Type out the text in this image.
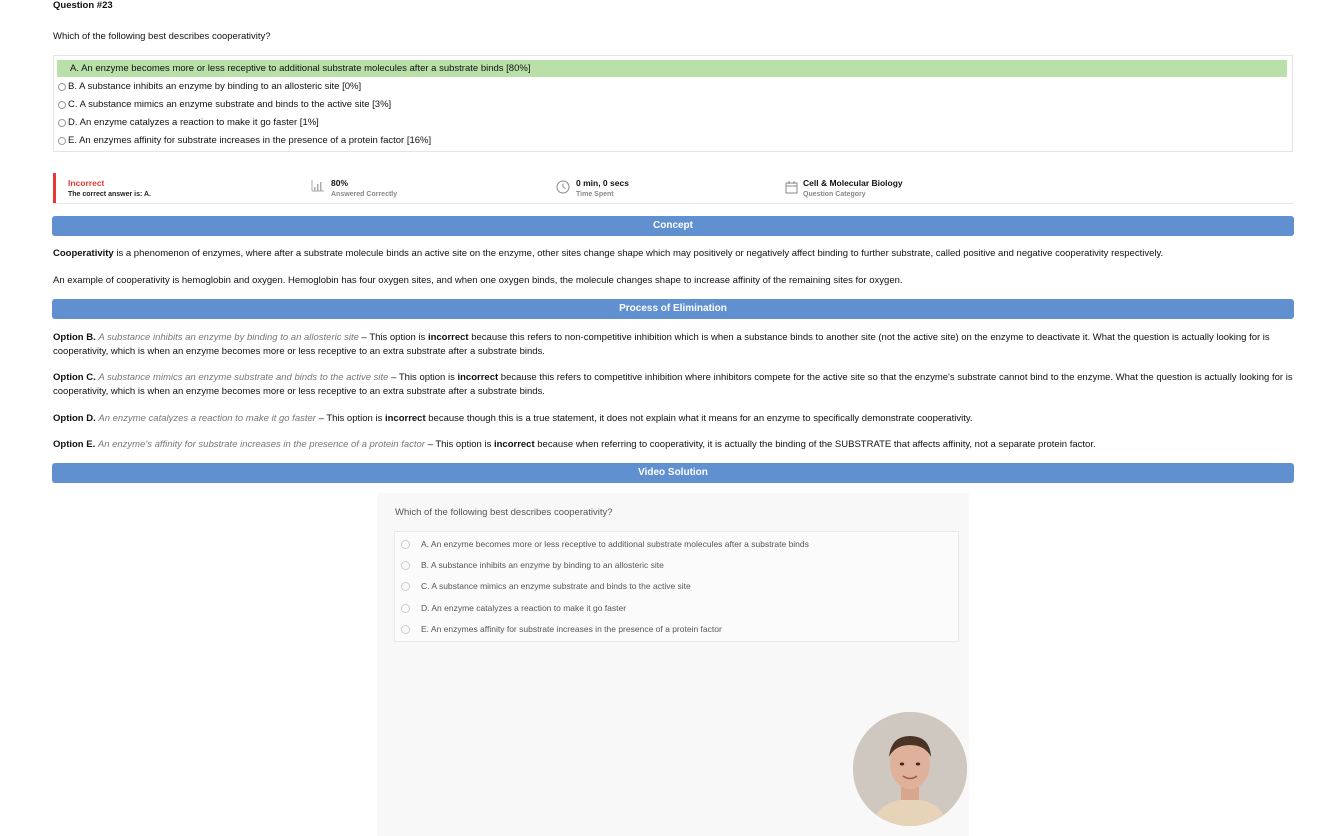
Question #23
Which of the following best describes cooperativity?
A. An enzyme becomes more or less receptive to additional substrate molecules after a substrate binds [80%]
B. A substance inhibits an enzyme by binding to an allosteric site [0%]
C. A substance mimics an enzyme substrate and binds to the active site [3%]
D. An enzyme catalyzes a reaction to make it go faster [1%]
E. An enzymes affinity for substrate increases in the presence of a protein factor [16%]
Incorrect
The correct answer is: A.
80%
Answered Correctly
0 min, 0 secs
Time Spent
Cell & Molecular Biology
Question Category
Concept
Cooperativity is a phenomenon of enzymes, where after a substrate molecule binds an active site on the enzyme, other sites change shape which may positively or negatively affect binding to further substrate, called positive and negative cooperativity respectively.
An example of cooperativity is hemoglobin and oxygen. Hemoglobin has four oxygen sites, and when one oxygen binds, the molecule changes shape to increase affinity of the remaining sites for oxygen.
Process of Elimination
Option B. A substance inhibits an enzyme by binding to an allosteric site – This option is incorrect because this refers to non-competitive inhibition which is when a substance binds to another site (not the active site) on the enzyme to deactivate it. What the question is actually looking for is cooperativity, which is when an enzyme becomes more or less receptive to an extra substrate after a substrate binds.
Option C. A substance mimics an enzyme substrate and binds to the active site – This option is incorrect because this refers to competitive inhibition where inhibitors compete for the active site so that the enzyme's substrate cannot bind to the enzyme. What the question is actually looking for is cooperativity, which is when an enzyme becomes more or less receptive to an extra substrate after a substrate binds.
Option D. An enzyme catalyzes a reaction to make it go faster – This option is incorrect because though this is a true statement, it does not explain what it means for an enzyme to specifically demonstrate cooperativity.
Option E. An enzyme's affinity for substrate increases in the presence of a protein factor – This option is incorrect because when referring to cooperativity, it is actually the binding of the SUBSTRATE that affects affinity, not a separate protein factor.
Video Solution
Which of the following best describes cooperativity?
A. An enzyme becomes more or less receptive to additional substrate molecules after a substrate binds
B. A substance inhibits an enzyme by binding to an allosteric site
C. A substance mimics an enzyme substrate and binds to the active site
D. An enzyme catalyzes a reaction to make it go faster
E. An enzymes affinity for substrate increases in the presence of a protein factor
